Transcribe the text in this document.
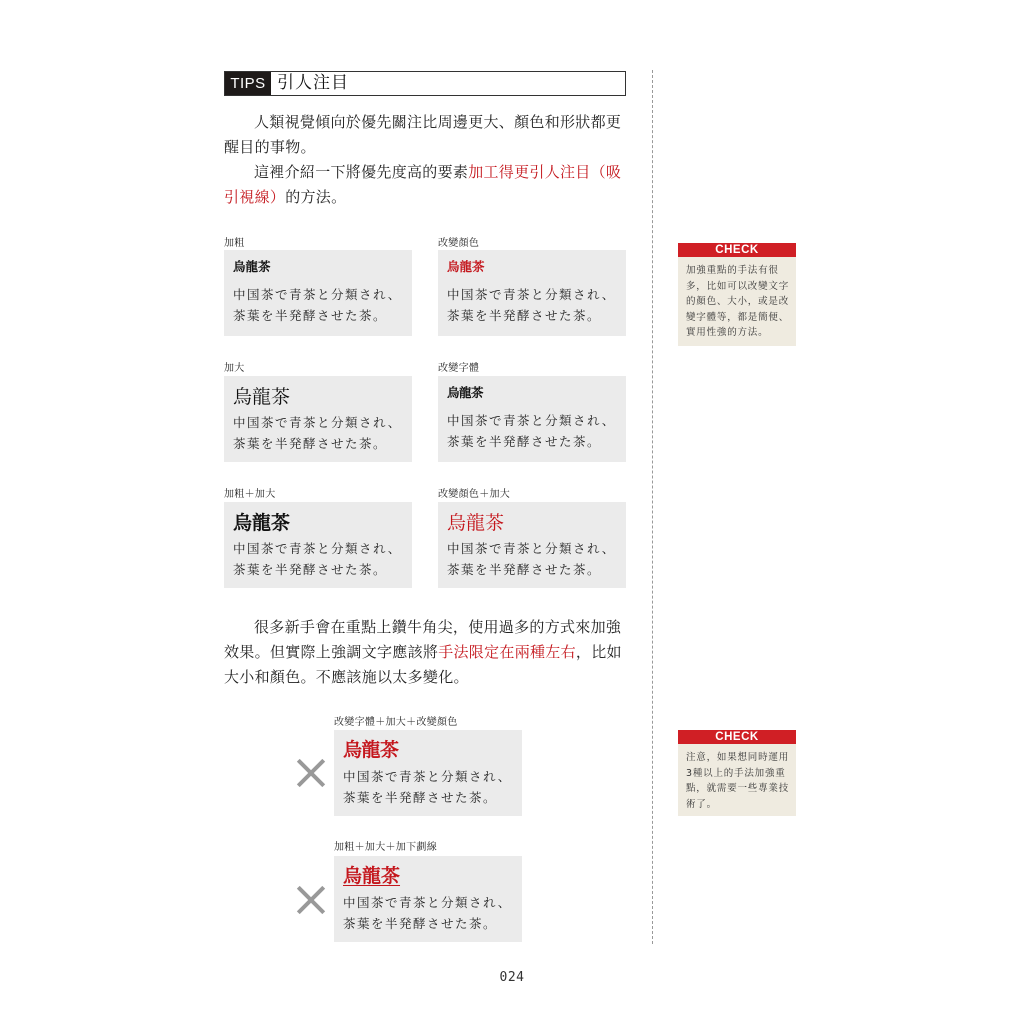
TIPS 引人注目
人類視覺傾向於優先關注比周邊更大、顏色和形狀都更醒目的事物。
這裡介紹一下將優先度高的要素加工得更引人注目（吸引視線）的方法。
加粗
烏龍茶
中国茶で青茶と分類され、
茶葉を半発酵させた茶。
改變顏色
烏龍茶
中国茶で青茶と分類され、
茶葉を半発酵させた茶。
加大
烏龍茶
中国茶で青茶と分類され、
茶葉を半発酵させた茶。
改變字體
烏龍茶
中国茶で青茶と分類され、
茶葉を半発酵させた茶。
加粗＋加大
烏龍茶
中国茶で青茶と分類され、
茶葉を半発酵させた茶。
改變顏色＋加大
烏龍茶
中国茶で青茶と分類され、
茶葉を半発酵させた茶。
很多新手會在重點上鑽牛角尖，使用過多的方式來加強效果。但實際上強調文字應該將手法限定在兩種左右，比如大小和顏色。不應該施以太多變化。
改變字體＋加大＋改變顏色
烏龍茶
中国茶で青茶と分類され、
茶葉を半発酵させた茶。
加粗＋加大＋加下劃線
烏龍茶
中国茶で青茶と分類され、
茶葉を半発酵させた茶。
CHECK
加強重點的手法有很多，比如可以改變文字的顏色、大小，或是改變字體等，都是簡便、實用性強的方法。
CHECK
注意，如果想同時運用3種以上的手法加強重點，就需要一些專業技術了。
024
